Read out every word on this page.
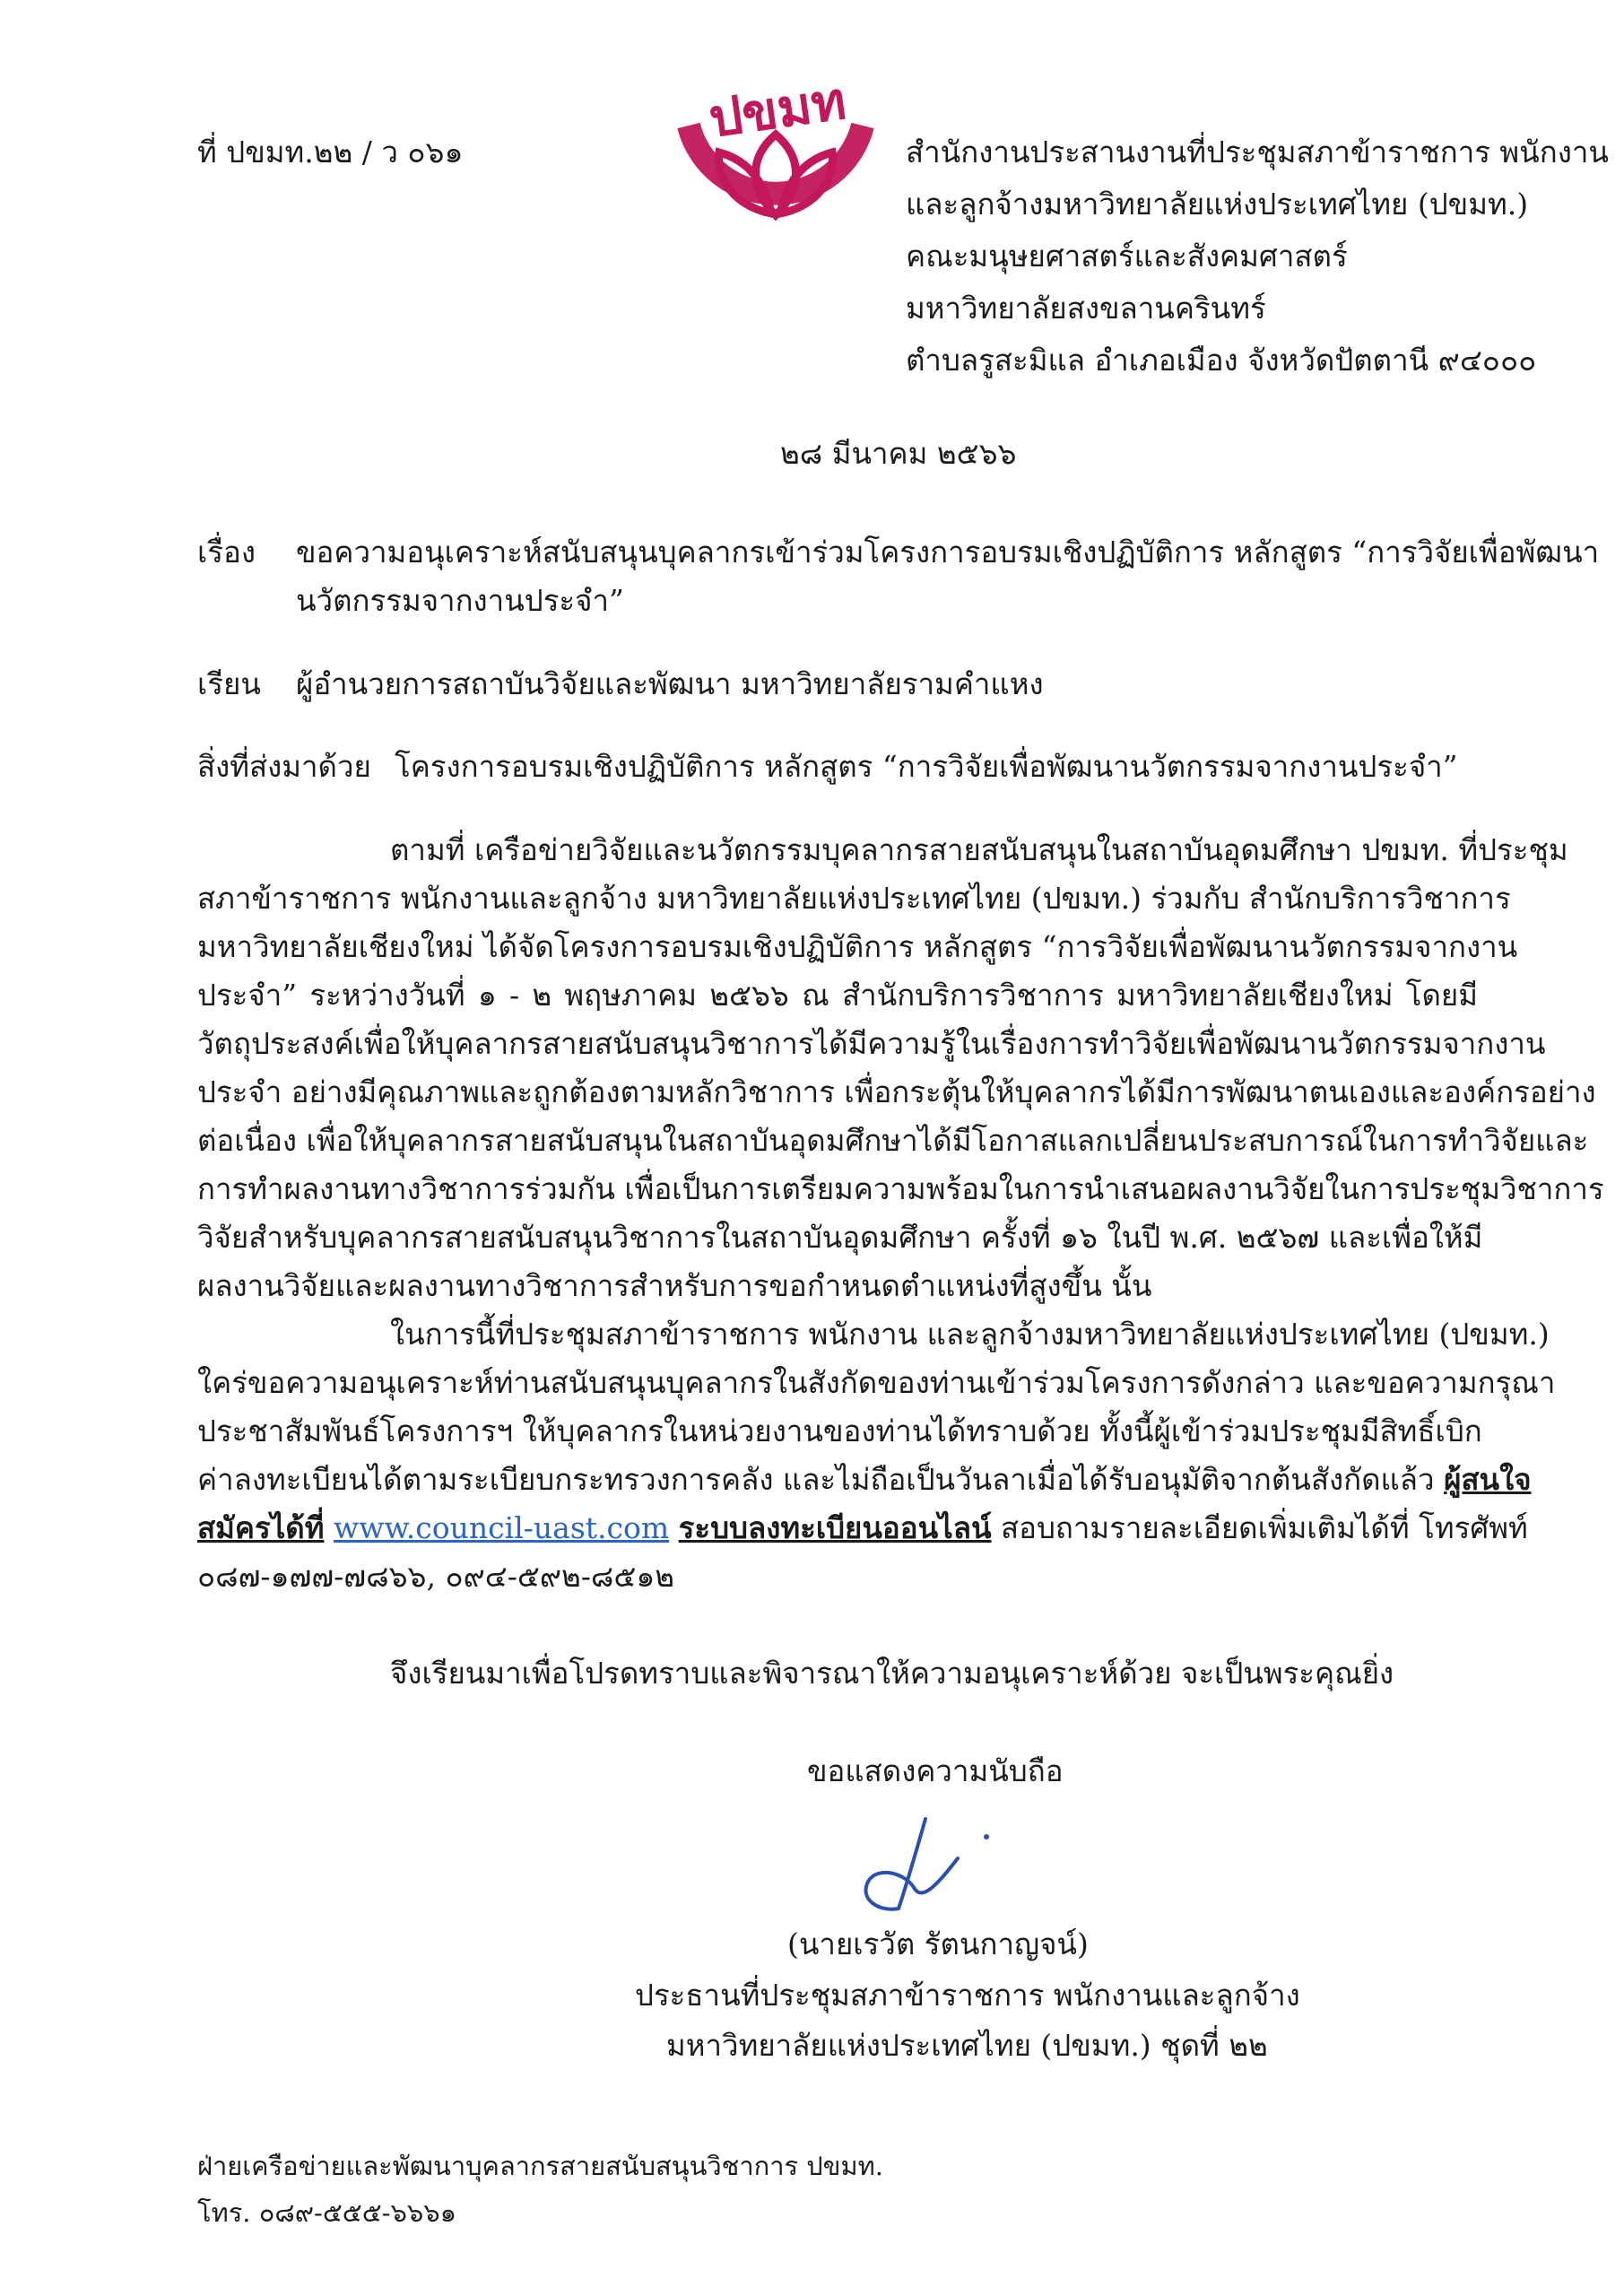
ที่ ปขมท.๒๒ / ว ๐๖๑
ที่ประชุมสภาข้าราชก จ้างมหาวิทยาลัยแห่งประ
ปขมท
สำนักงานประสานงานที่ประชุมสภาข้าราชการ พนักงาน
และลูกจ้างมหาวิทยาลัยแห่งประเทศไทย (ปขมท.)
คณะมนุษยศาสตร์และสังคมศาสตร์
มหาวิทยาลัยสงขลานครินทร์
ตำบลรูสะมิแล อำเภอเมือง จังหวัดปัตตานี ๙๔๐๐๐
๒๘ มีนาคม ๒๕๖๖
เรื่อง ขอความอนุเคราะห์สนับสนุนบุคลากรเข้าร่วมโครงการอบรมเชิงปฏิบัติการ หลักสูตร “การวิจัยเพื่อพัฒนา
นวัตกรรมจากงานประจำ”
เรียน ผู้อำนวยการสถาบันวิจัยและพัฒนา มหาวิทยาลัยรามคำแหง
สิ่งที่ส่งมาด้วย โครงการอบรมเชิงปฏิบัติการ หลักสูตร “การวิจัยเพื่อพัฒนานวัตกรรมจากงานประจำ”
ตามที่ เครือข่ายวิจัยและนวัตกรรมบุคลากรสายสนับสนุนในสถาบันอุดมศึกษา ปขมท. ที่ประชุม
สภาข้าราชการ พนักงานและลูกจ้าง มหาวิทยาลัยแห่งประเทศไทย (ปขมท.) ร่วมกับ สำนักบริการวิชาการ
มหาวิทยาลัยเชียงใหม่ ได้จัดโครงการอบรมเชิงปฏิบัติการ หลักสูตร “การวิจัยเพื่อพัฒนานวัตกรรมจากงาน
ประจำ” ระหว่างวันที่ ๑ - ๒ พฤษภาคม ๒๕๖๖ ณ สำนักบริการวิชาการ มหาวิทยาลัยเชียงใหม่ โดยมี
วัตถุประสงค์เพื่อให้บุคลากรสายสนับสนุนวิชาการได้มีความรู้ในเรื่องการทำวิจัยเพื่อพัฒนานวัตกรรมจากงาน
ประจำ อย่างมีคุณภาพและถูกต้องตามหลักวิชาการ เพื่อกระตุ้นให้บุคลากรได้มีการพัฒนาตนเองและองค์กรอย่าง
ต่อเนื่อง เพื่อให้บุคลากรสายสนับสนุนในสถาบันอุดมศึกษาได้มีโอกาสแลกเปลี่ยนประสบการณ์ในการทำวิจัยและ
การทำผลงานทางวิชาการร่วมกัน เพื่อเป็นการเตรียมความพร้อมในการนำเสนอผลงานวิจัยในการประชุมวิชาการ
วิจัยสำหรับบุคลากรสายสนับสนุนวิชาการในสถาบันอุดมศึกษา ครั้งที่ ๑๖ ในปี พ.ศ. ๒๕๖๗ และเพื่อให้มี
ผลงานวิจัยและผลงานทางวิชาการสำหรับการขอกำหนดตำแหน่งที่สูงขึ้น นั้น
ในการนี้ที่ประชุมสภาข้าราชการ พนักงาน และลูกจ้างมหาวิทยาลัยแห่งประเทศไทย (ปขมท.)
ใคร่ขอความอนุเคราะห์ท่านสนับสนุนบุคลากรในสังกัดของท่านเข้าร่วมโครงการดังกล่าว และขอความกรุณา
ประชาสัมพันธ์โครงการฯ ให้บุคลากรในหน่วยงานของท่านได้ทราบด้วย ทั้งนี้ผู้เข้าร่วมประชุมมีสิทธิ์เบิก
ค่าลงทะเบียนได้ตามระเบียบกระทรวงการคลัง และไม่ถือเป็นวันลาเมื่อได้รับอนุมัติจากต้นสังกัดแล้ว ผู้สนใจ
สมัครได้ที่ www.council-uast.com ระบบลงทะเบียนออนไลน์ สอบถามรายละเอียดเพิ่มเติมได้ที่ โทรศัพท์
๐๘๗-๑๗๗-๗๘๖๖, ๐๙๔-๕๙๒-๘๕๑๒
จึงเรียนมาเพื่อโปรดทราบและพิจารณาให้ความอนุเคราะห์ด้วย จะเป็นพระคุณยิ่ง
ขอแสดงความนับถือ
(นายเรวัต รัตนกาญจน์)
ประธานที่ประชุมสภาข้าราชการ พนักงานและลูกจ้าง
มหาวิทยาลัยแห่งประเทศไทย (ปขมท.) ชุดที่ ๒๒
ฝ่ายเครือข่ายและพัฒนาบุคลากรสายสนับสนุนวิชาการ ปขมท.
โทร. ๐๘๙-๕๕๕-๖๖๖๑
